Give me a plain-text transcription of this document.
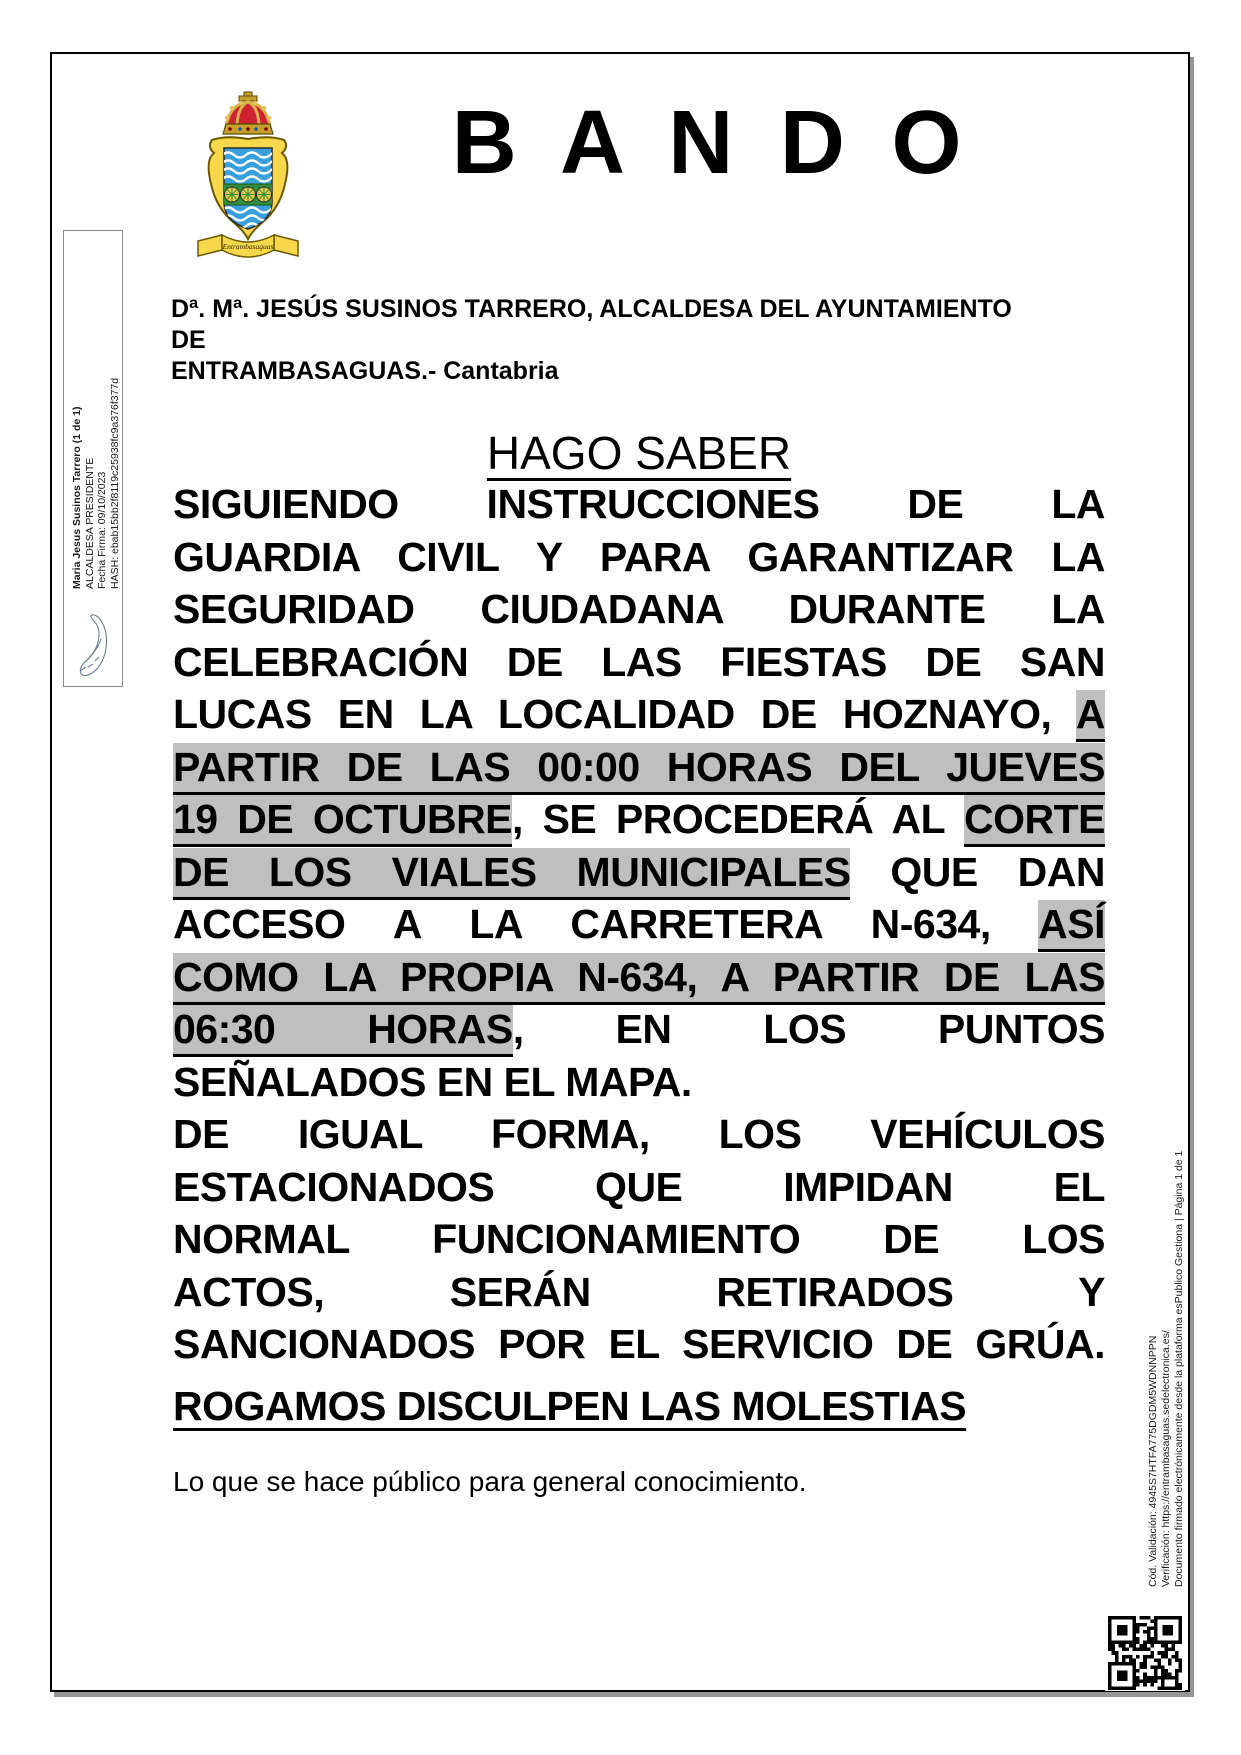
Entrambasaguas
B A N D O
Dª. Mª. JESÚS SUSINOS TARRERO, ALCALDESA DEL AYUNTAMIENTO DE
ENTRAMBASAGUAS.- Cantabria
HAGO SABER
SIGUIENDO INSTRUCCIONES DE LA
GUARDIA CIVIL Y PARA GARANTIZAR LA
SEGURIDAD CIUDADANA DURANTE LA
CELEBRACIÓN DE LAS FIESTAS DE SAN
LUCAS EN LA LOCALIDAD DE HOZNAYO, A
PARTIR DE LAS 00:00 HORAS DEL JUEVES
19 DE OCTUBRE, SE PROCEDERÁ AL CORTE
DE LOS VIALES MUNICIPALES QUE DAN
ACCESO A LA CARRETERA N-634, ASÍ
COMO LA PROPIA N-634, A PARTIR DE LAS
06:30 HORAS, EN LOS PUNTOS
SEÑALADOS EN EL MAPA.
DE IGUAL FORMA, LOS VEHÍCULOS
ESTACIONADOS QUE IMPIDAN EL
NORMAL FUNCIONAMIENTO DE LOS
ACTOS, SERÁN RETIRADOS Y
SANCIONADOS POR EL SERVICIO DE GRÚA.
ROGAMOS DISCULPEN LAS MOLESTIAS
Lo que se hace público para general conocimiento.
Maria Jesus Susinos Tarrero (1 de 1) ALCALDESA PRESIDENTE Fecha Firma: 09/10/2023 HASH: ebab15bb2f8119c25938fc9a376f377d
Cód. Validación: 4945S7HTFA775DGDM5WDNNPPN Verificación: https://entrambasaguas.sedelectronica.es/ Documento firmado electrónicamente desde la plataforma esPublico Gestiona | Página 1 de 1
